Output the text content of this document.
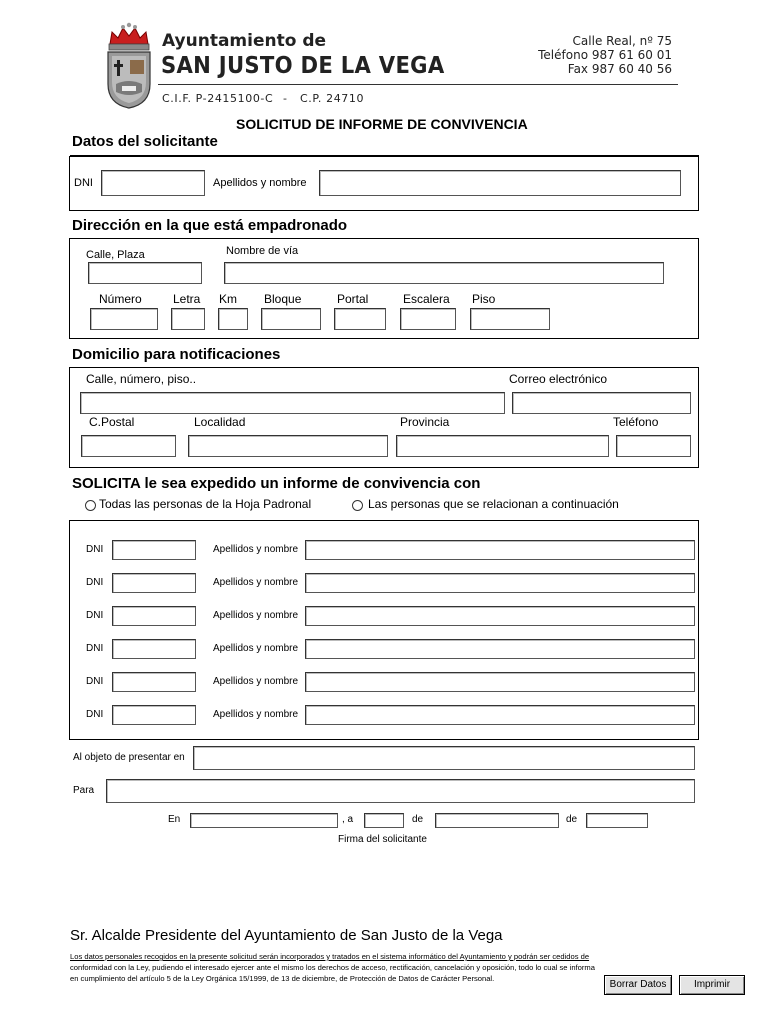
Ayuntamiento de
SAN JUSTO DE LA VEGA
C.I.F. P-2415100-C - C.P. 24710
Calle Real, nº 75
Teléfono 987 61 60 01
Fax 987 60 40 56
SOLICITUD DE INFORME DE CONVIVENCIA
Datos del solicitante
DNI	Apellidos y nombre
Dirección en la que está empadronado
Calle, Plaza	Nombre de vía
Número	Letra Km Bloque	Portal	Escalera Piso
Domicilio para notificaciones
Calle, número, piso..	Correo electrónico
C.Postal	Localidad	Provincia	Teléfono
SOLICITA le sea expedido un informe de convivencia con
Todas las personas de la Hoja Padronal	Las personas que se relacionan a continuación
DNI	Apellidos y nombre
DNI	Apellidos y nombre
DNI	Apellidos y nombre
DNI	Apellidos y nombre
DNI	Apellidos y nombre
DNI	Apellidos y nombre
Al objeto de presentar en
Para
En	, a	de	de
Firma del solicitante
Sr. Alcalde Presidente del Ayuntamiento de San Justo de la Vega
Los datos personales recogidos en la presente solicitud serán incorporados y tratados en el sistema informático del Ayuntamiento y podrán ser cedidos de
conformidad con la Ley, pudiendo el interesado ejercer ante el mismo los derechos de acceso, rectificación, cancelación y oposición, todo lo cual se informa
en cumplimiento del artículo 5 de la Ley Orgánica 15/1999, de 13 de diciembre, de Protección de Datos de Carácter Personal.
Borrar Datos	Imprimir
